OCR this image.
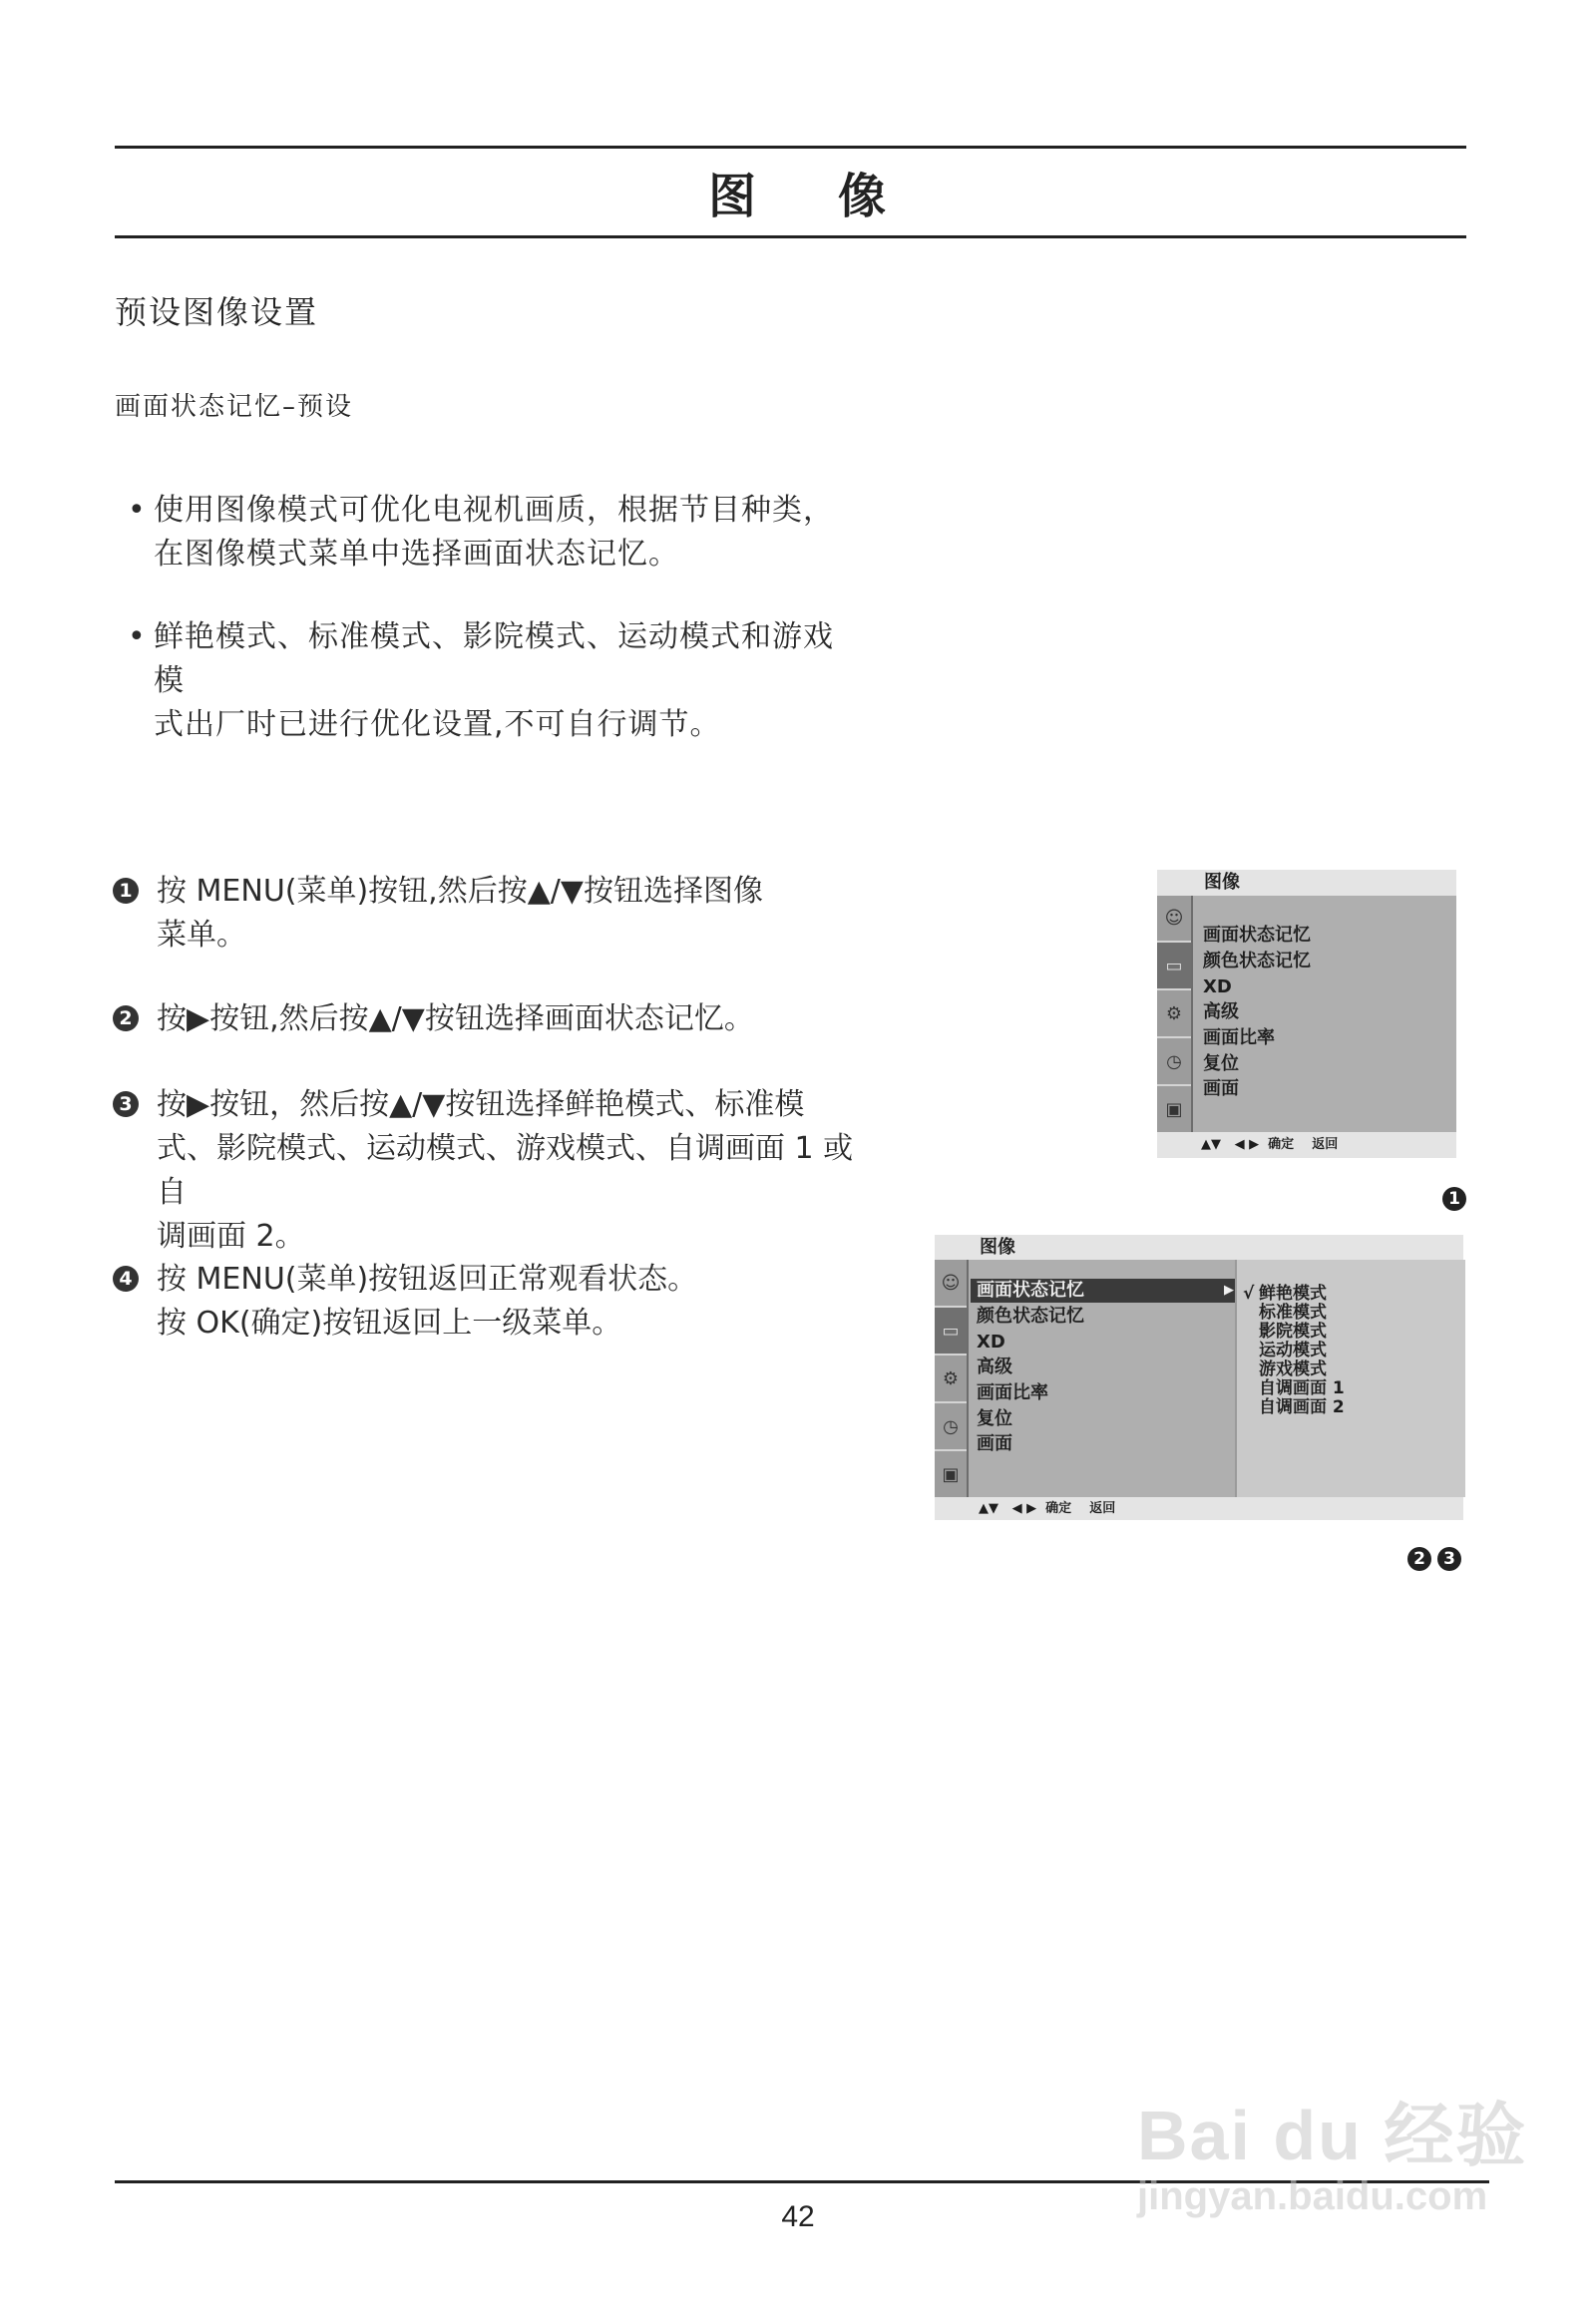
图 像
预设图像设置
画面状态记忆–预设
• 使用图像模式可优化电视机画质，根据节目种类，
在图像模式菜单中选择画面状态记忆。
• 鲜艳模式、标准模式、影院模式、运动模式和游戏模
式出厂时已进行优化设置,不可自行调节。
1 按 MENU(菜单)按钮,然后按▲/▼按钮选择图像
菜单。
2 按▶按钮,然后按▲/▼按钮选择画面状态记忆。
3 按▶按钮，然后按▲/▼按钮选择鲜艳模式、标准模
式、影院模式、运动模式、游戏模式、自调画面 1 或自
调画面 2。
4 按 MENU(菜单)按钮返回正常观看状态。
按 OK(确定)按钮返回上一级菜单。
图像
☺
▭
⚙
◷
▣
画面状态记忆
颜色状态记忆
XD
高级
画面比率
复位
画面
▲▼ ◀ ▶ 确定 返回
1
图像
☺
▭
⚙
◷
▣
画面状态记忆	▶
颜色状态记忆
XD
高级
画面比率
复位
画面
√ 鲜艳模式
标准模式
影院模式
运动模式
游戏模式
自调画面 1
自调画面 2
▲▼ ◀ ▶ 确定 返回
2	3
42
Bai du 经验
jingyan.baidu.com
